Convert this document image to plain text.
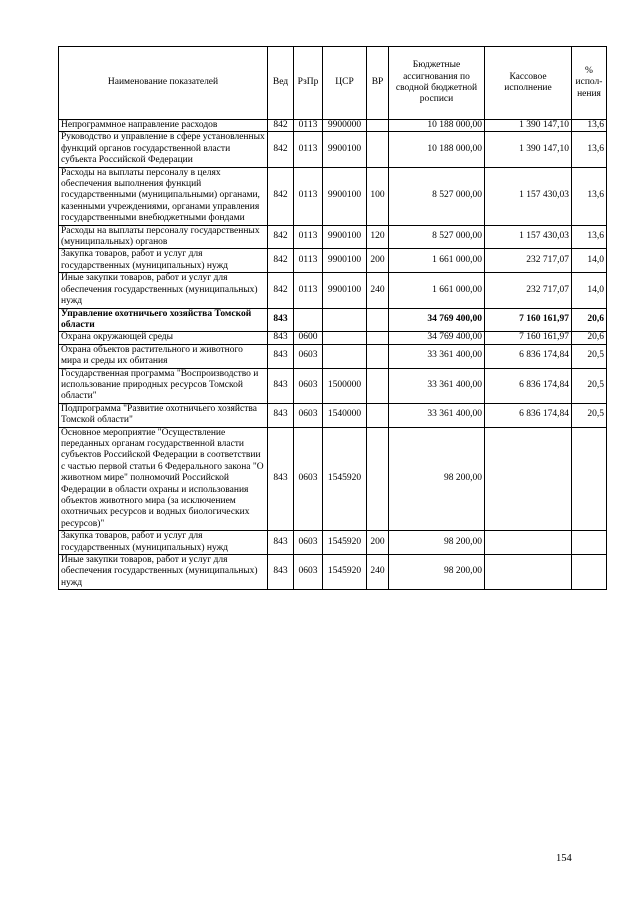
Наименование показателей	Вед	РзПр	ЦСР	ВР	Бюджетные ассигнования по сводной бюджетной росписи	Кассовое исполнение	% испол-нения
Непрограммное направление расходов	842	0113	9900000		10 188 000,00	1 390 147,10	13,6
Руководство и управление в сфере установленных функций органов государственной власти субъекта Российской Федерации	842	0113	9900100		10 188 000,00	1 390 147,10	13,6
Расходы на выплаты персоналу в целях обеспечения выполнения функций государственными (муниципальными) органами, казенными учреждениями, органами управления государственными внебюджетными фондами	842	0113	9900100	100	8 527 000,00	1 157 430,03	13,6
Расходы на выплаты персоналу государственных (муниципальных) органов	842	0113	9900100	120	8 527 000,00	1 157 430,03	13,6
Закупка товаров, работ и услуг для государственных (муниципальных) нужд	842	0113	9900100	200	1 661 000,00	232 717,07	14,0
Иные закупки товаров, работ и услуг для обеспечения государственных (муниципальных) нужд	842	0113	9900100	240	1 661 000,00	232 717,07	14,0
Управление охотничьего хозяйства Томской области	843				34 769 400,00	7 160 161,97	20,6
Охрана окружающей среды	843	0600			34 769 400,00	7 160 161,97	20,6
Охрана объектов растительного и животного мира и среды их обитания	843	0603			33 361 400,00	6 836 174,84	20,5
Государственная программа "Воспроизводство и использование природных ресурсов Томской области"	843	0603	1500000		33 361 400,00	6 836 174,84	20,5
Подпрограмма "Развитие охотничьего хозяйства Томской области"	843	0603	1540000		33 361 400,00	6 836 174,84	20,5
Основное мероприятие "Осуществление переданных органам государственной власти субъектов Российской Федерации в соответствии с частью первой статьи 6 Федерального закона "О животном мире" полномочий Российской Федерации в области охраны и использования объектов животного мира (за исключением охотничьих ресурсов и водных биологических ресурсов)"	843	0603	1545920		98 200,00		
Закупка товаров, работ и услуг для государственных (муниципальных) нужд	843	0603	1545920	200	98 200,00		
Иные закупки товаров, работ и услуг для обеспечения государственных (муниципальных) нужд	843	0603	1545920	240	98 200,00		
154
